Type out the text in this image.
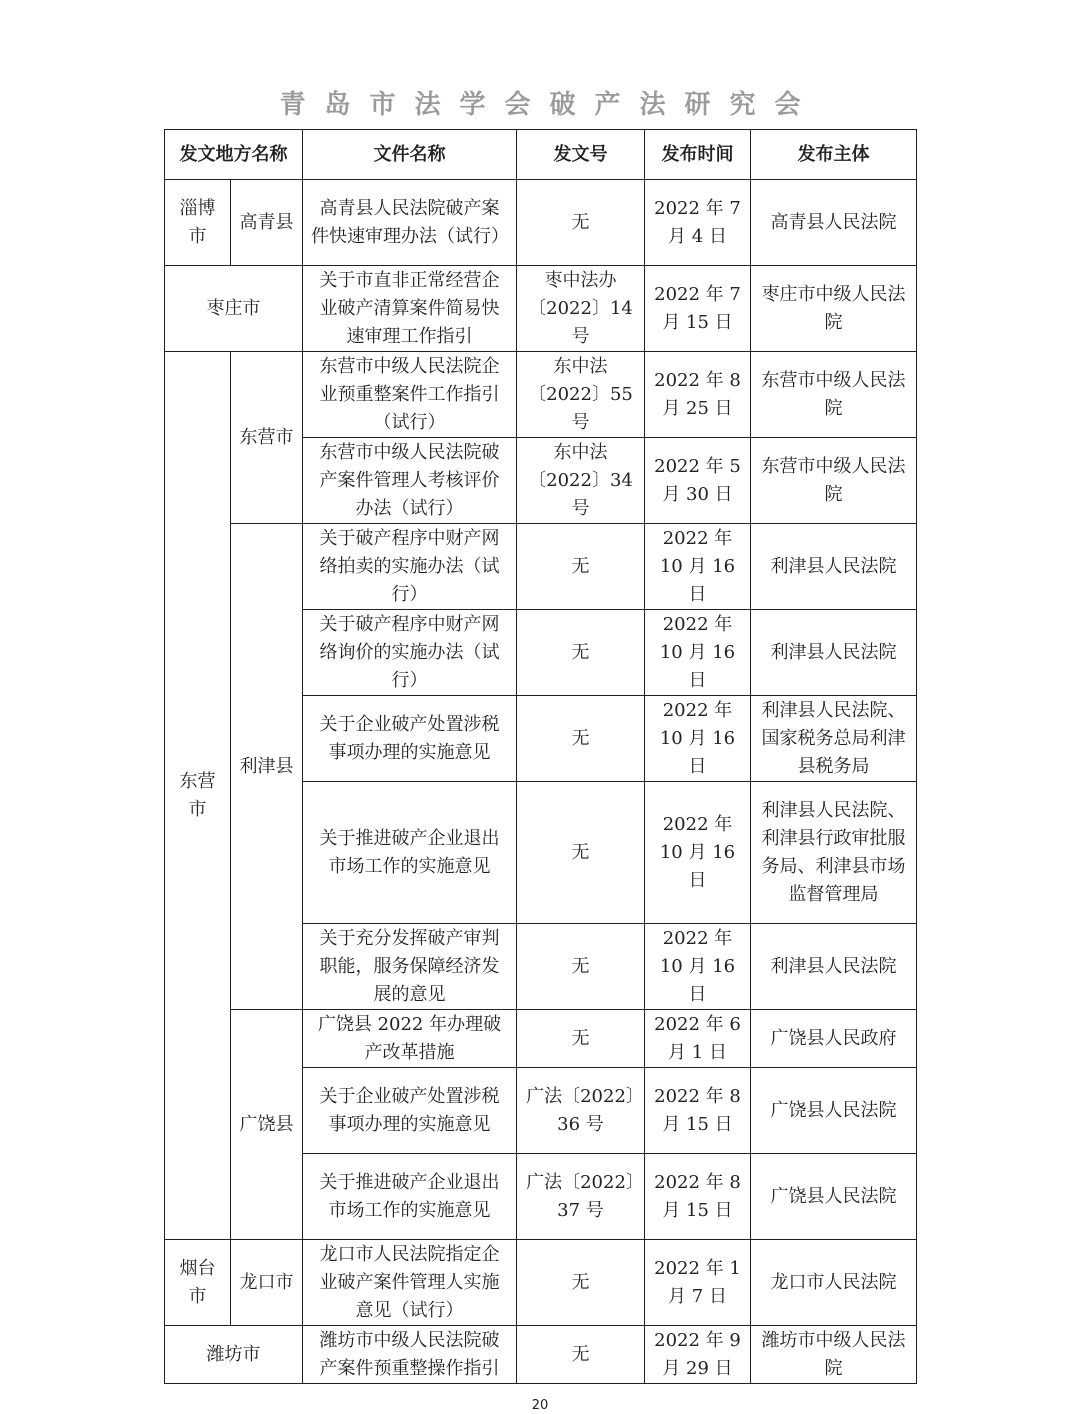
青岛市法学会破产法研究会
发文地方名称		文件名称	发文号	发布时间	发布主体
淄博市	高青县	高青县人民法院破产案件快速审理办法（试行）	无	2022 年 7 月 4 日	高青县人民法院
枣庄市		关于市直非正常经营企业破产清算案件简易快速审理工作指引	枣中法办〔2022〕14 号	2022 年 7 月 15 日	枣庄市中级人民法院
东营市	东营市	东营市中级人民法院企业预重整案件工作指引（试行）	东中法〔2022〕55 号	2022 年 8 月 25 日	东营市中级人民法院
		东营市中级人民法院破产案件管理人考核评价办法（试行）	东中法〔2022〕34 号	2022 年 5 月 30 日	东营市中级人民法院
	利津县	关于破产程序中财产网络拍卖的实施办法（试行）	无	2022 年 10 月 16 日	利津县人民法院
		关于破产程序中财产网络询价的实施办法（试行）	无	2022 年 10 月 16 日	利津县人民法院
		关于企业破产处置涉税事项办理的实施意见	无	2022 年 10 月 16 日	利津县人民法院、国家税务总局利津县税务局
		关于推进破产企业退出市场工作的实施意见	无	2022 年 10 月 16 日	利津县人民法院、利津县行政审批服务局、利津县市场监督管理局
		关于充分发挥破产审判职能，服务保障经济发展的意见	无	2022 年 10 月 16 日	利津县人民法院
	广饶县	广饶县 2022 年办理破产改革措施	无	2022 年 6 月 1 日	广饶县人民政府
		关于企业破产处置涉税事项办理的实施意见	广法〔2022〕36 号	2022 年 8 月 15 日	广饶县人民法院
		关于推进破产企业退出市场工作的实施意见	广法〔2022〕37 号	2022 年 8 月 15 日	广饶县人民法院
烟台市	龙口市	龙口市人民法院指定企业破产案件管理人实施意见（试行）	无	2022 年 1 月 7 日	龙口市人民法院
潍坊市		潍坊市中级人民法院破产案件预重整操作指引	无	2022 年 9 月 29 日	潍坊市中级人民法院
20
